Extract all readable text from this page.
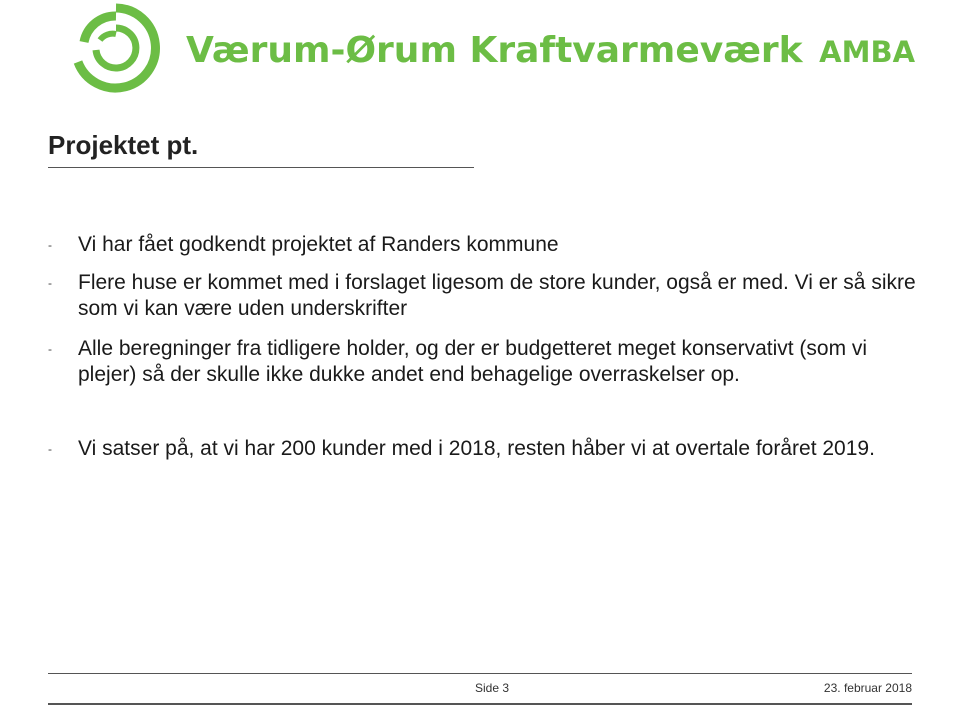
Værum-Ørum Kraftvarmeværk AMBA
Projektet pt.
- Vi har fået godkendt projektet af Randers kommune
- Flere huse er kommet med i forslaget ligesom de store kunder, også er med. Vi er så sikre som vi kan være uden underskrifter
- Alle beregninger fra tidligere holder, og der er budgetteret meget konservativt (som vi plejer) så der skulle ikke dukke andet end behagelige overraskelser op.
- Vi satser på, at vi har 200 kunder med i 2018, resten håber vi at overtale foråret 2019.
Side 3	23. februar 2018
